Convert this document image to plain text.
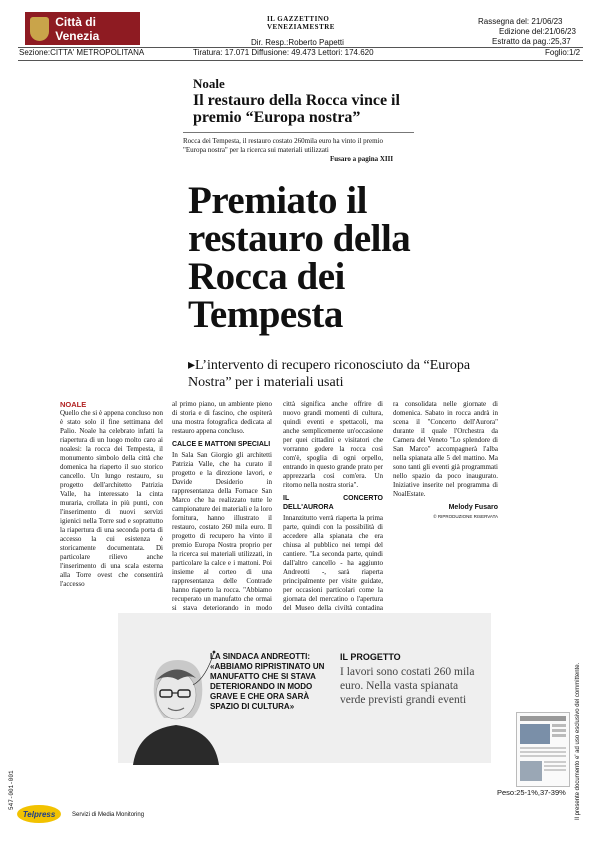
Città di Venezia
Sezione:CITTA' METROPOLITANA
IL GAZZETTINO
VENEZIAMESTRE
Dir. Resp.:Roberto Papetti
Tiratura: 17.071 Diffusione: 49.473 Lettori: 174.620
Rassegna del: 21/06/23
Edizione del:21/06/23
Estratto da pag.:25,37
Foglio:1/2
Noale
Il restauro della Rocca vince il premio “Europa nostra”
Rocca dei Tempesta, il restauro costato 260mila euro ha vinto il premio "Europa nostra" per la ricerca sui materiali utilizzati
Fusaro a pagina XIII
Premiato il restauro della Rocca dei Tempesta
▸L’intervento di recupero riconosciuto da “Europa Nostra” per i materiali usati
NOALE
Quello che si è appena concluso non è stato solo il fine settimana del Palio. Noale ha celebrato infatti la riapertura di un luogo molto caro ai noalesi: la rocca dei Tempesta, il monumento simbolo della città che domenica ha riaperto il suo storico cancello. Un lungo restauro, su progetto dell'architetto Patrizia Valle, ha interessato la cinta muraria, crollata in più punti, con l'inserimento di nuovi servizi igienici nella Torre sud e soprattutto la riapertura di una seconda porta di accesso la cui esistenza è storicamente documentata. Di particolare rilievo anche l'inserimento di una scala esterna alla Torre ovest che consentirà l'accesso
al primo piano, un ambiente pieno di storia e di fascino, che ospiterà una mostra fotografica dedicata al restauro appena concluso.
CALCE E MATTONI SPECIALI
In Sala San Giorgio gli architetti Patrizia Valle, che ha curato il progetto e la direzione lavori, e Davide Desiderio in rappresentanza della Fornace San Marco che ha realizzato tutte le campionature dei materiali e la loro fornitura, hanno illustrato il restauro, costato 260 mila euro. Il progetto di recupero ha vinto il premio Europa Nostra proprio per la ricerca sui materiali utilizzati, in particolare la calce e i mattoni. Poi insieme al corteo di una rappresentanza delle Contrade hanno riaperto la rocca. "Abbiamo recuperato un manufatto che ormai si stava deteriorando in modo
città significa anche offrire di nuovo grandi momenti di cultura, quindi eventi e spettacoli, ma anche semplicemente un'occasione per quei cittadini e visitatori che vorranno godere la rocca così com'è, spoglia di ogni orpello, entrando in questo grande prato per apprezzarla così com'era. Un ritorno nella nostra storia".
IL CONCERTO DELL'AURORA
Innanzitutto verrà riaperta la prima parte, quindi con la possibilità di accedere alla spianata che era chiusa al pubblico nei tempi del cantiere. "La seconda parte, quindi dall'altro cancello - ha aggiunto Andreotti -, sarà riaperta principalmente per visite guidate, per occasioni particolari come la giornata del mercatino o l'apertura del Museo della civiltà contadina
ra consolidata nelle giornate di domenica. Sabato in rocca andrà in scena il "Concerto dell'Aurora" durante il quale l'Orchestra da Camera del Veneto "Lo splendore di San Marco" accompagnerà l'alba nella spianata alle 5 del mattino. Ma sono tanti gli eventi già programmati nello spazio da poco inaugurato. Iniziative inserite nel programma di NoalEstate.
Melody Fusaro
© RIPRODUZIONE RISERVATA
LA SINDACA ANDREOTTI: «ABBIAMO RIPRISTINATO UN MANUFATTO CHE SI STAVA DETERIORANDO IN MODO GRAVE E CHE ORA SARÀ SPAZIO DI CULTURA»
IL PROGETTO
I lavori sono costati 260 mila euro. Nella vasta spianata verde previsti grandi eventi
Peso:25-1%,37-39% Il presente documento e' ad uso esclusivo del committente.
547-001-001
Telpress	Servizi di Media Monitoring
